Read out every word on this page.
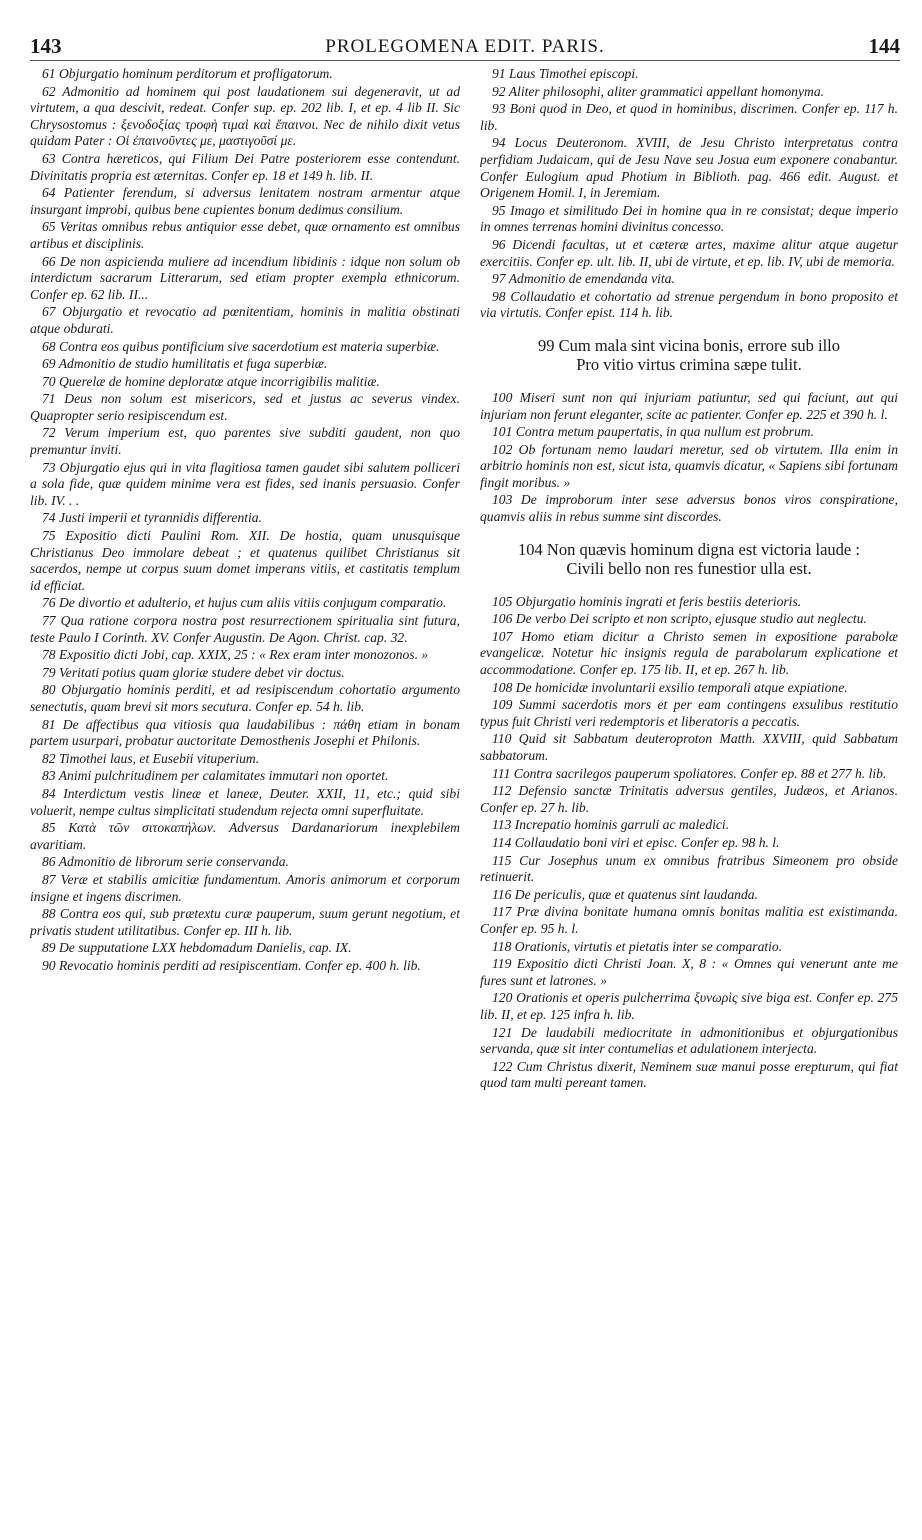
143	PROLEGOMENA EDIT. PARIS.	144

61 Objurgatio hominum perditorum et profligatorum.

62 Admonitio ad hominem qui post laudationem sui degeneravit, ut ad virtutem, a qua descivit, redeat. Confer sup. ep. 202 lib. I, et ep. 4 lib II. Sic Chrysostomus : ξενοδοξίας τροφὴ τιμαὶ καὶ ἔπαινοι. Nec de nihilo dixit vetus quidam Pater : Οἱ ἐπαινοῦντες με, μαστιγοῦσί με.

63 Contra hæreticos, qui Filium Dei Patre posteriorem esse contendunt. Divinitatis propria est æternitas. Confer ep. 18 et 149 h. lib. II.

64 Patienter ferendum, si adversus lenitatem nostram armentur atque insurgant improbi, quibus bene cupientes bonum dedimus consilium.

65 Veritas omnibus rebus antiquior esse debet, quæ ornamento est omnibus artibus et disciplinis.

66 De non aspicienda muliere ad incendium libidinis : idque non solum ob interdictum sacrarum Litterarum, sed etiam propter exempla ethnicorum. Confer ep. 62 lib. II...

67 Objurgatio et revocatio ad pœnitentiam, hominis in malitia obstinati atque obdurati.

68 Contra eos quibus pontificium sive sacerdotium est materia superbiæ.

69 Admonitio de studio humilitatis et fuga superbiæ.

70 Querelæ de homine deploratæ atque incorrigibilis malitiæ.

71 Deus non solum est misericors, sed et justus ac severus vindex. Quapropter serio resipiscendum est.

72 Verum imperium est, quo parentes sive subditi gaudent, non quo premuntur inviti.

73 Objurgatio ejus qui in vita flagitiosa tamen gaudet sibi salutem polliceri a sola fide, quæ quidem minime vera est fides, sed inanis persuasio. Confer lib. IV. . .

74 Justi imperii et tyrannidis differentia.

75 Expositio dicti Paulini Rom. XII. De hostia, quam unusquisque Christianus Deo immolare debeat ; et quatenus quilibet Christianus sit sacerdos, nempe ut corpus suum domet imperans vitiis, et castitatis templum id efficiat.

76 De divortio et adulterio, et hujus cum aliis vitiis conjugum comparatio.

77 Qua ratione corpora nostra post resurrectionem spiritualia sint futura, teste Paulo I Corinth. XV. Confer Augustin. De Agon. Christ. cap. 32.

78 Expositio dicti Jobi, cap. XXIX, 25 : « Rex eram inter monozonos. »

79 Veritati potius quam gloriæ studere debet vir doctus.

80 Objurgatio hominis perditi, et ad resipiscendum cohortatio argumento senectutis, quam brevi sit mors secutura. Confer ep. 54 h. lib.

81 De affectibus qua vitiosis qua laudabilibus : πάθη etiam in bonam partem usurpari, probatur auctoritate Demosthenis Josephi et Philonis.

82 Timothei laus, et Eusebii vituperium.

83 Animi pulchritudinem per calamitates immutari non oportet.

84 Interdictum vestis lineæ et laneæ, Deuter. XXII, 11, etc.; quid sibi voluerit, nempe cultus simplicitati studendum rejecta omni superfluitate.

85 Κατὰ τῶν σιτοκαπήλων. Adversus Dardanariorum inexplebilem avaritiam.

86 Admonitio de librorum serie conservanda.

87 Veræ et stabilis amicitiæ fundamentum. Amoris animorum et corporum insigne et ingens discrimen.

88 Contra eos qui, sub prætextu curæ pauperum, suum gerunt negotium, et privatis student utilitatibus. Confer ep. III h. lib.

89 De supputatione LXX hebdomadum Danielis, cap. IX.

90 Revocatio hominis perditi ad resipiscentiam. Confer ep. 400 h. lib.

91 Laus Timothei episcopi.

92 Aliter philosophi, aliter grammatici appellant homonyma.

93 Boni quod in Deo, et quod in hominibus, discrimen. Confer ep. 117 h. lib.

94 Locus Deuteronom. XVIII, de Jesu Christo interpretatus contra perfidiam Judaicam, qui de Jesu Nave seu Josua eum exponere conabantur. Confer Eulogium apud Photium in Biblioth. pag. 466 edit. August. et Origenem Homil. I, in Jeremiam.

95 Imago et similitudo Dei in homine qua in re consistat; deque imperio in omnes terrenas homini divinitus concesso.

96 Dicendi facultas, ut et cæteræ artes, maxime alitur atque augetur exercitiis. Confer ep. ult. lib. II, ubi de virtute, et ep. lib. IV, ubi de memoria.

97 Admonitio de emendanda vita.

98 Collaudatio et cohortatio ad strenue pergendum in bono proposito et via virtutis. Confer epist. 114 h. lib.

99 Cum mala sint vicina bonis, errore sub illo
Pro vitio virtus crimina sæpe tulit.

100 Miseri sunt non qui injuriam patiuntur, sed qui faciunt, aut qui injuriam non ferunt eleganter, scite ac patienter. Confer ep. 225 et 390 h. l.

101 Contra metum paupertatis, in qua nullum est probrum.

102 Ob fortunam nemo laudari meretur, sed ob virtutem. Illa enim in arbitrio hominis non est, sicut ista, quamvis dicatur, « Sapiens sibi fortunam fingit moribus. »

103 De improborum inter sese adversus bonos viros conspiratione, quamvis aliis in rebus summe sint discordes.

104 Non quævis hominum digna est victoria laude :
Civili bello non res funestior ulla est.

105 Objurgatio hominis ingrati et feris bestiis deterioris.

106 De verbo Dei scripto et non scripto, ejusque studio aut neglectu.

107 Homo etiam dicitur a Christo semen in expositione parabolæ evangelicæ. Notetur hic insignis regula de parabolarum explicatione et accommodatione. Confer ep. 175 lib. II, et ep. 267 h. lib.

108 De homicidæ involuntarii exsilio temporali atque expiatione.

109 Summi sacerdotis mors et per eam contingens exsulibus restitutio typus fuit Christi veri redemptoris et liberatoris a peccatis.

110 Quid sit Sabbatum deuteroproton Matth. XXVIII, quid Sabbatum sabbatorum.

111 Contra sacrilegos pauperum spoliatores. Confer ep. 88 et 277 h. lib.

112 Defensio sanctæ Trinitatis adversus gentiles, Judæos, et Arianos. Confer ep. 27 h. lib.

113 Increpatio hominis garruli ac maledici.

114 Collaudatio boni viri et episc. Confer ep. 98 h. l.

115 Cur Josephus unum ex omnibus fratribus Simeonem pro obside retinuerit.

116 De periculis, quæ et quatenus sint laudanda.

117 Præ divina bonitate humana omnis bonitas malitia est existimanda. Confer ep. 95 h. l.

118 Orationis, virtutis et pietatis inter se comparatio.

119 Expositio dicti Christi Joan. X, 8 : « Omnes qui venerunt ante me fures sunt et latrones. »

120 Orationis et operis pulcherrima ξυνωρὶς sive biga est. Confer ep. 275 lib. II, et ep. 125 infra h. lib.

121 De laudabili mediocritate in admonitionibus et objurgationibus servanda, quæ sit inter contumelias et adulationem interjecta.

122 Cum Christus dixerit, Neminem suæ manui posse erepturum, qui fiat quod tam multi pereant tamen.
